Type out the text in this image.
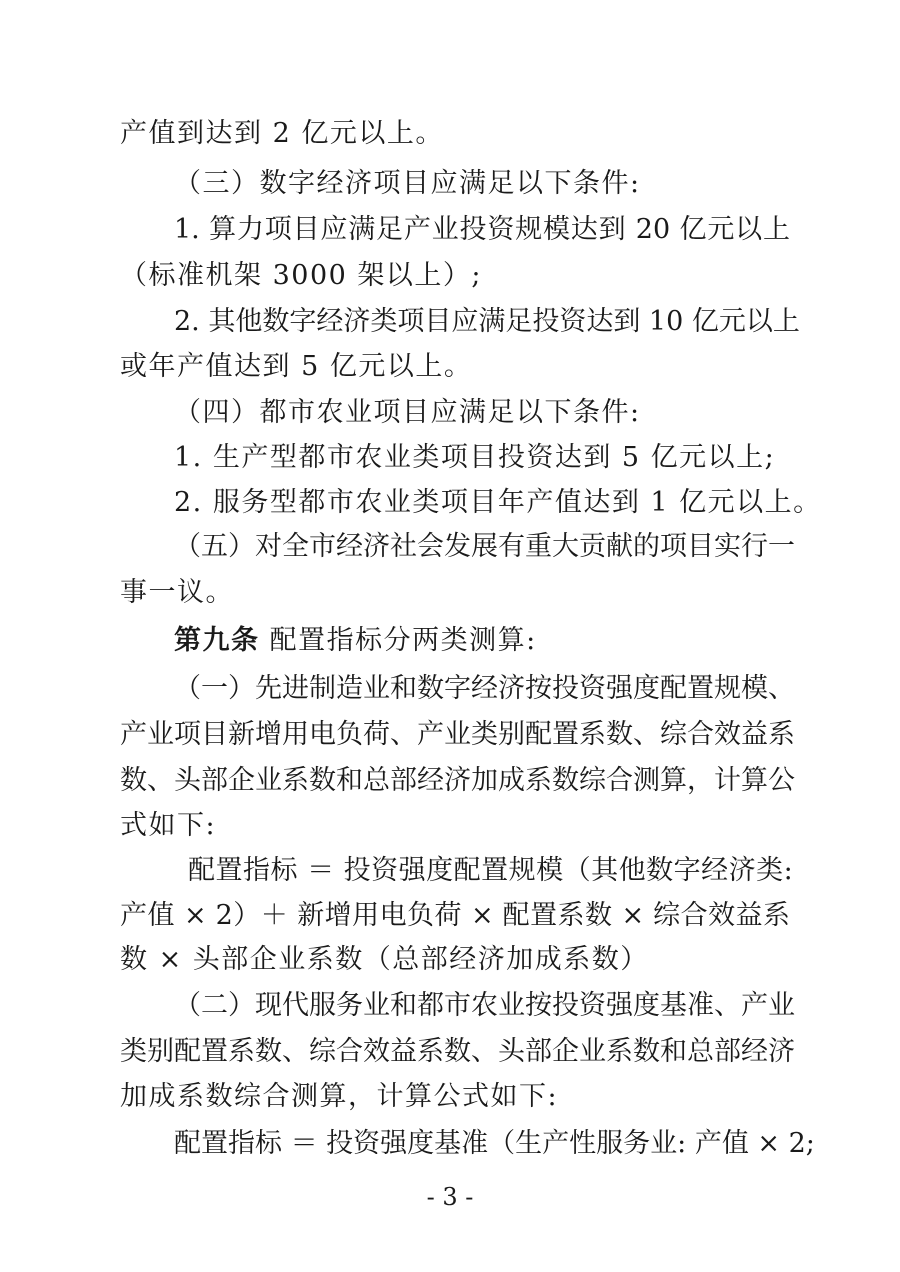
产值到达到 2 亿元以上。
（三）数字经济项目应满足以下条件:
1. 算力项目应满足产业投资规模达到 20 亿元以上
（标准机架 3000 架以上）;
2. 其他数字经济类项目应满足投资达到 10 亿元以上
或年产值达到 5 亿元以上。
（四）都市农业项目应满足以下条件:
1. 生产型都市农业类项目投资达到 5 亿元以上;
2. 服务型都市农业类项目年产值达到 1 亿元以上。
（五）对全市经济社会发展有重大贡献的项目实行一
事一议。
第九条 配置指标分两类测算:
（一）先进制造业和数字经济按投资强度配置规模、
产业项目新增用电负荷、产业类别配置系数、综合效益系
数、头部企业系数和总部经济加成系数综合测算，计算公
式如下:
配置指标 ＝ 投资强度配置规模（其他数字经济类:
产值 × 2）＋ 新增用电负荷 × 配置系数 × 综合效益系
数 × 头部企业系数（总部经济加成系数）
（二）现代服务业和都市农业按投资强度基准、产业
类别配置系数、综合效益系数、头部企业系数和总部经济
加成系数综合测算，计算公式如下:
配置指标 ＝ 投资强度基准（生产性服务业: 产值 × 2;
- 3 -
